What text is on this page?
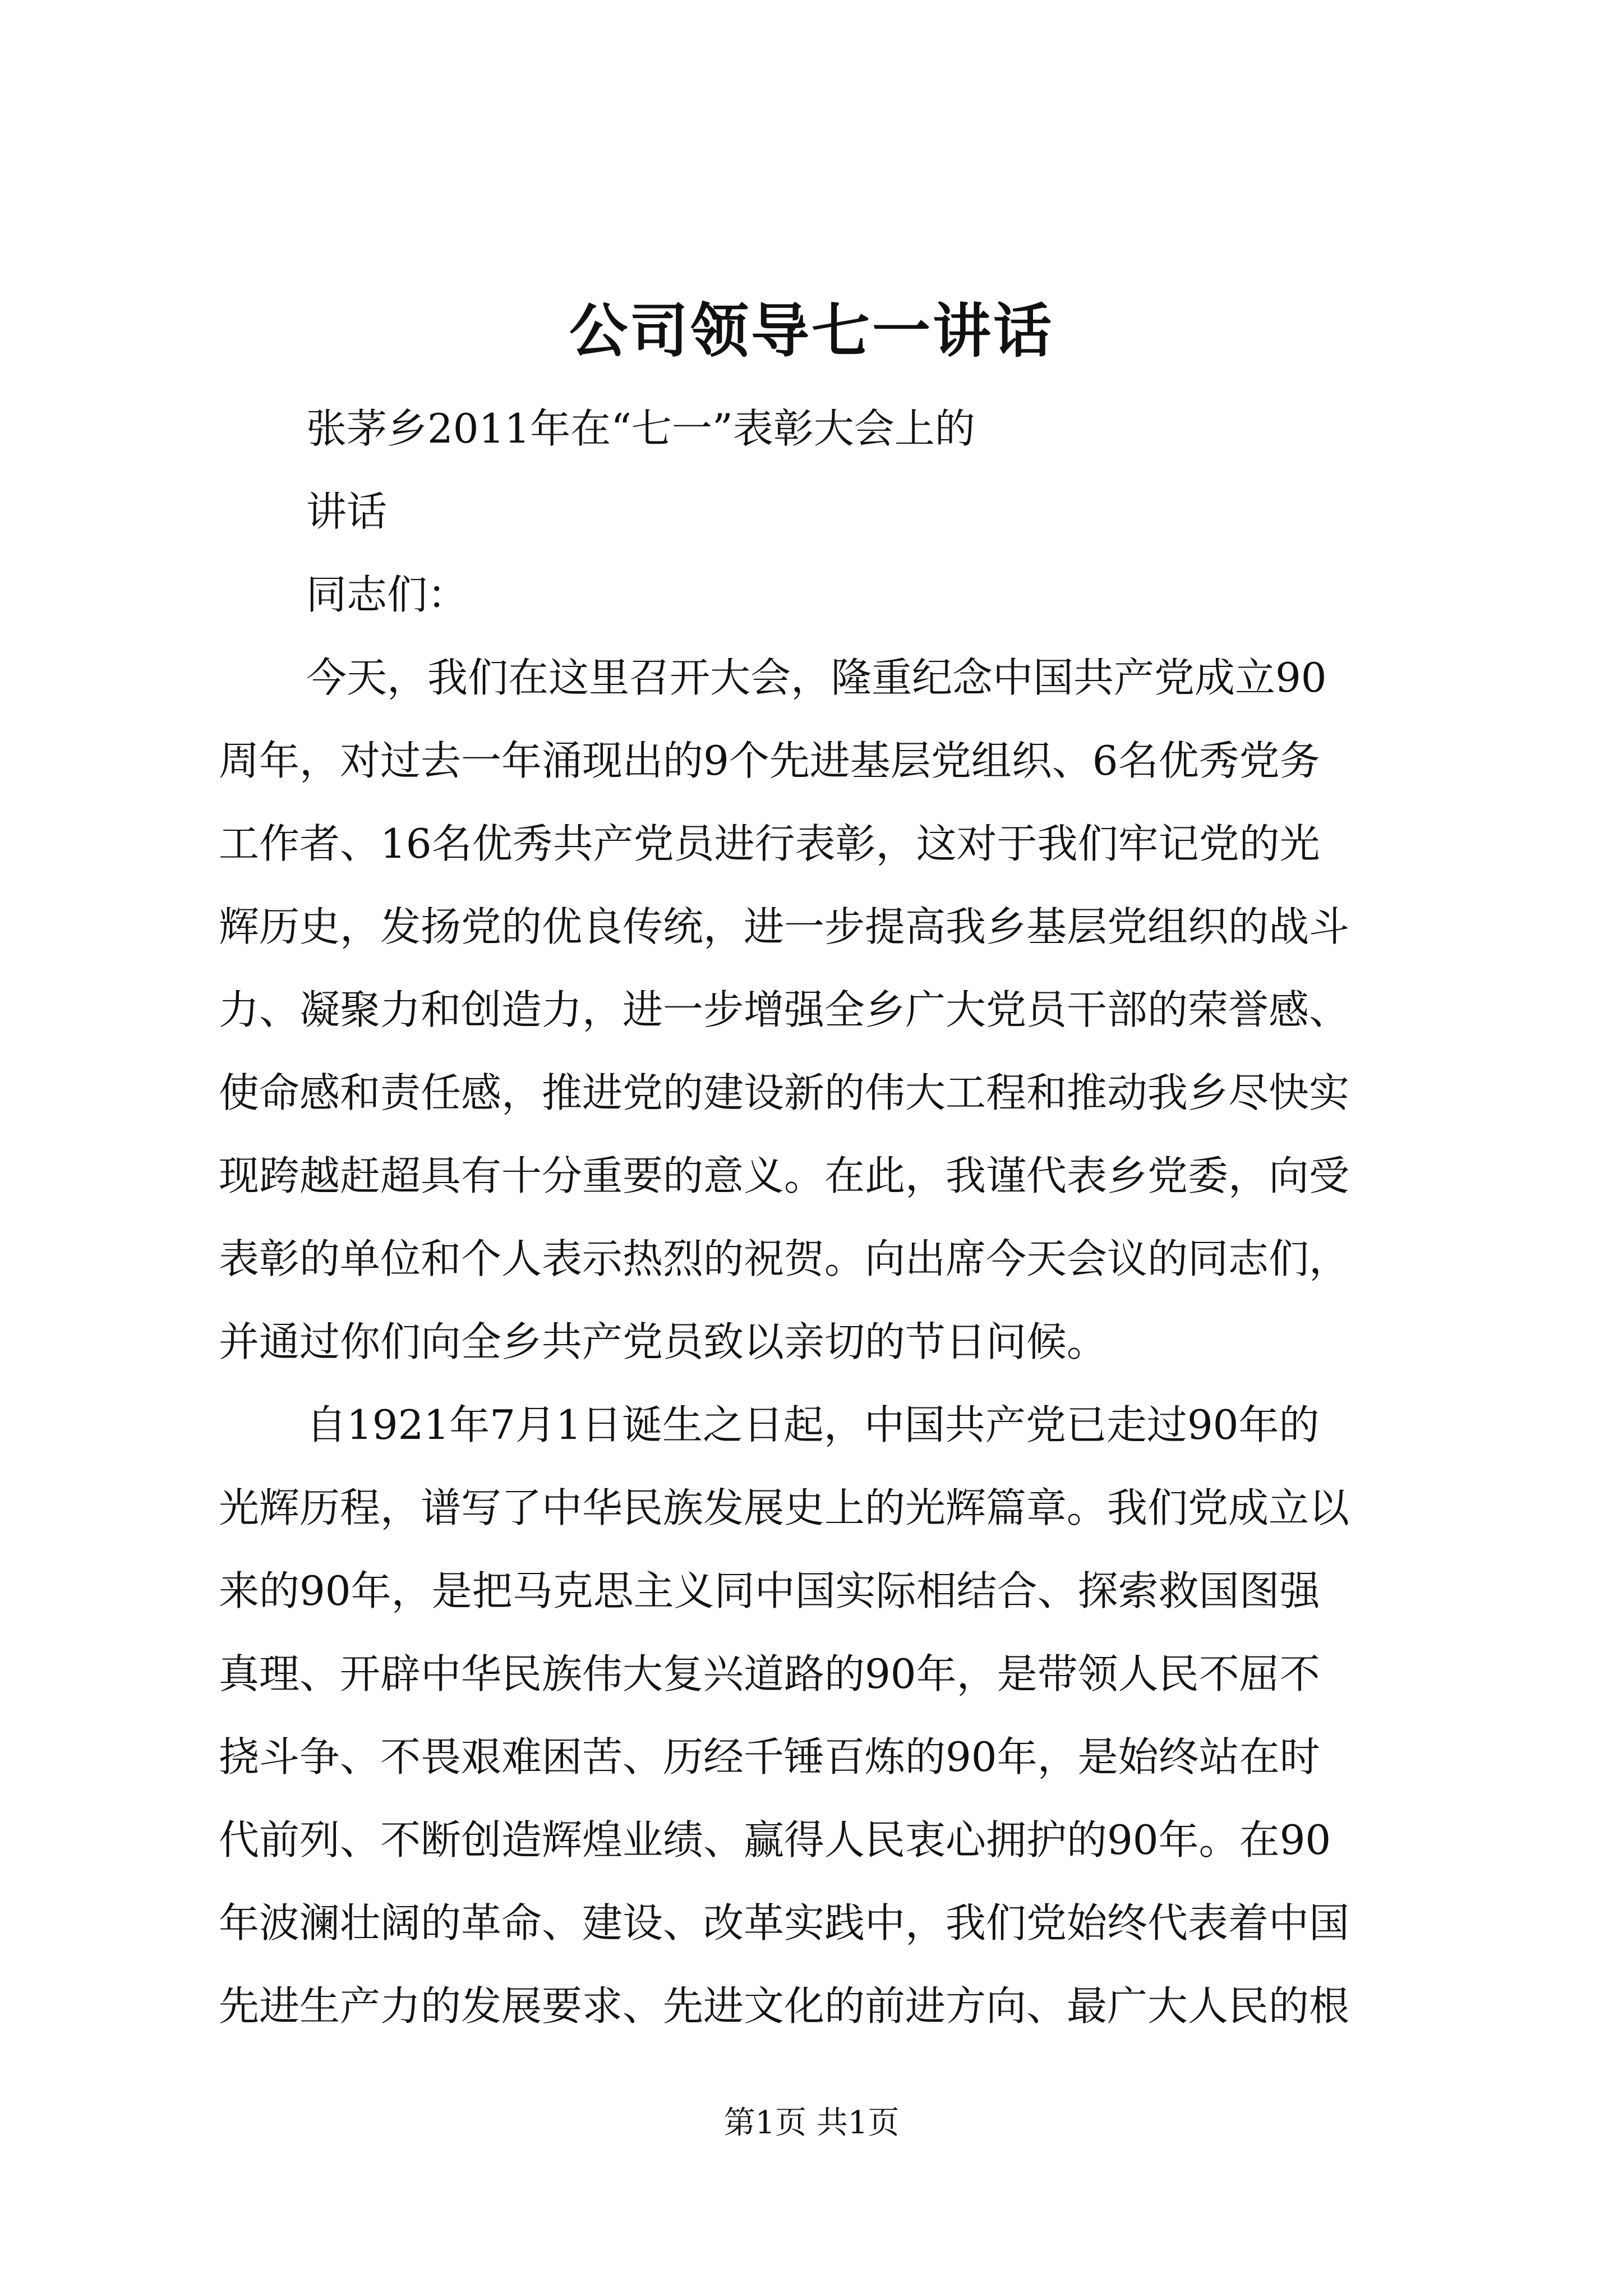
公司领导七一讲话

张茅乡2011年在“七一”表彰大会上的

讲话

同志们：

今天，我们在这里召开大会，隆重纪念中国共产党成立90

周年，对过去一年涌现出的9个先进基层党组织、6名优秀党务

工作者、16名优秀共产党员进行表彰，这对于我们牢记党的光

辉历史，发扬党的优良传统，进一步提高我乡基层党组织的战斗

力、凝聚力和创造力，进一步增强全乡广大党员干部的荣誉感、

使命感和责任感，推进党的建设新的伟大工程和推动我乡尽快实

现跨越赶超具有十分重要的意义。在此，我谨代表乡党委，向受

表彰的单位和个人表示热烈的祝贺。向出席今天会议的同志们，

并通过你们向全乡共产党员致以亲切的节日问候。

自1921年7月1日诞生之日起，中国共产党已走过90年的

光辉历程，谱写了中华民族发展史上的光辉篇章。我们党成立以

来的90年，是把马克思主义同中国实际相结合、探索救国图强

真理、开辟中华民族伟大复兴道路的90年，是带领人民不屈不

挠斗争、不畏艰难困苦、历经千锤百炼的90年，是始终站在时

代前列、不断创造辉煌业绩、赢得人民衷心拥护的90年。在90

年波澜壮阔的革命、建设、改革实践中，我们党始终代表着中国

先进生产力的发展要求、先进文化的前进方向、最广大人民的根

第1页 共1页
